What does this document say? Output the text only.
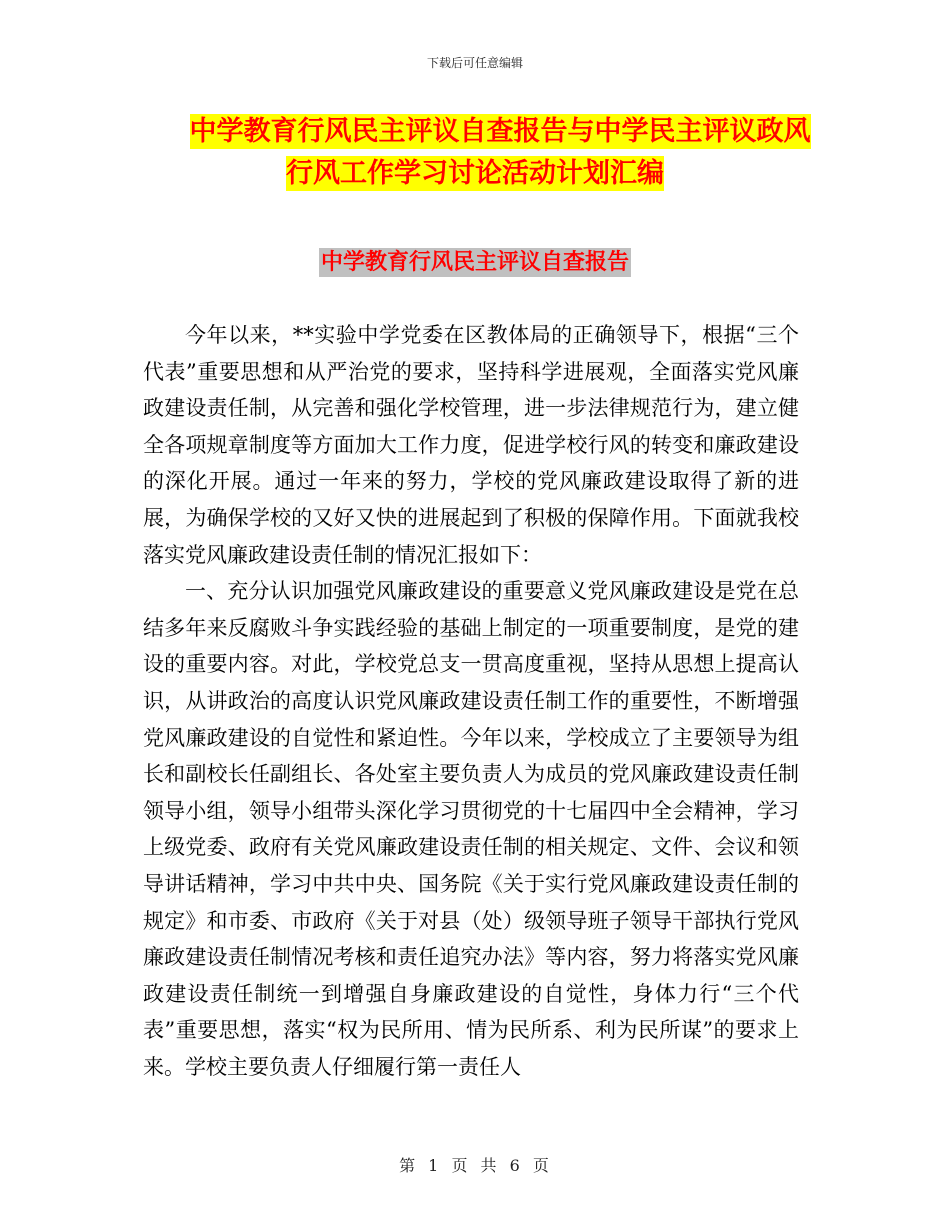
下载后可任意编辑
中学教育行风民主评议自查报告与中学民主评议政风
行风工作学习讨论活动计划汇编
中学教育行风民主评议自查报告

今年以来，**实验中学党委在区教体局的正确领导下，根据“三个代表”重要思想和从严治党的要求，坚持科学进展观，全面落实党风廉政建设责任制，从完善和强化学校管理，进一步法律规范行为，建立健全各项规章制度等方面加大工作力度，促进学校行风的转变和廉政建设的深化开展。通过一年来的努力，学校的党风廉政建设取得了新的进展，为确保学校的又好又快的进展起到了积极的保障作用。下面就我校落实党风廉政建设责任制的情况汇报如下：

一、充分认识加强党风廉政建设的重要意义党风廉政建设是党在总结多年来反腐败斗争实践经验的基础上制定的一项重要制度，是党的建设的重要内容。对此，学校党总支一贯高度重视，坚持从思想上提高认识，从讲政治的高度认识党风廉政建设责任制工作的重要性，不断增强党风廉政建设的自觉性和紧迫性。今年以来，学校成立了主要领导为组长和副校长任副组长、各处室主要负责人为成员的党风廉政建设责任制领导小组，领导小组带头深化学习贯彻党的十七届四中全会精神，学习上级党委、政府有关党风廉政建设责任制的相关规定、文件、会议和领导讲话精神，学习中共中央、国务院《关于实行党风廉政建设责任制的规定》和市委、市政府《关于对县（处）级领导班子领导干部执行党风廉政建设责任制情况考核和责任追究办法》等内容，努力将落实党风廉政建设责任制统一到增强自身廉政建设的自觉性，身体力行“三个代表”重要思想，落实“权为民所用、情为民所系、利为民所谋”的要求上来。学校主要负责人仔细履行第一责任人

第 1 页 共 6 页
